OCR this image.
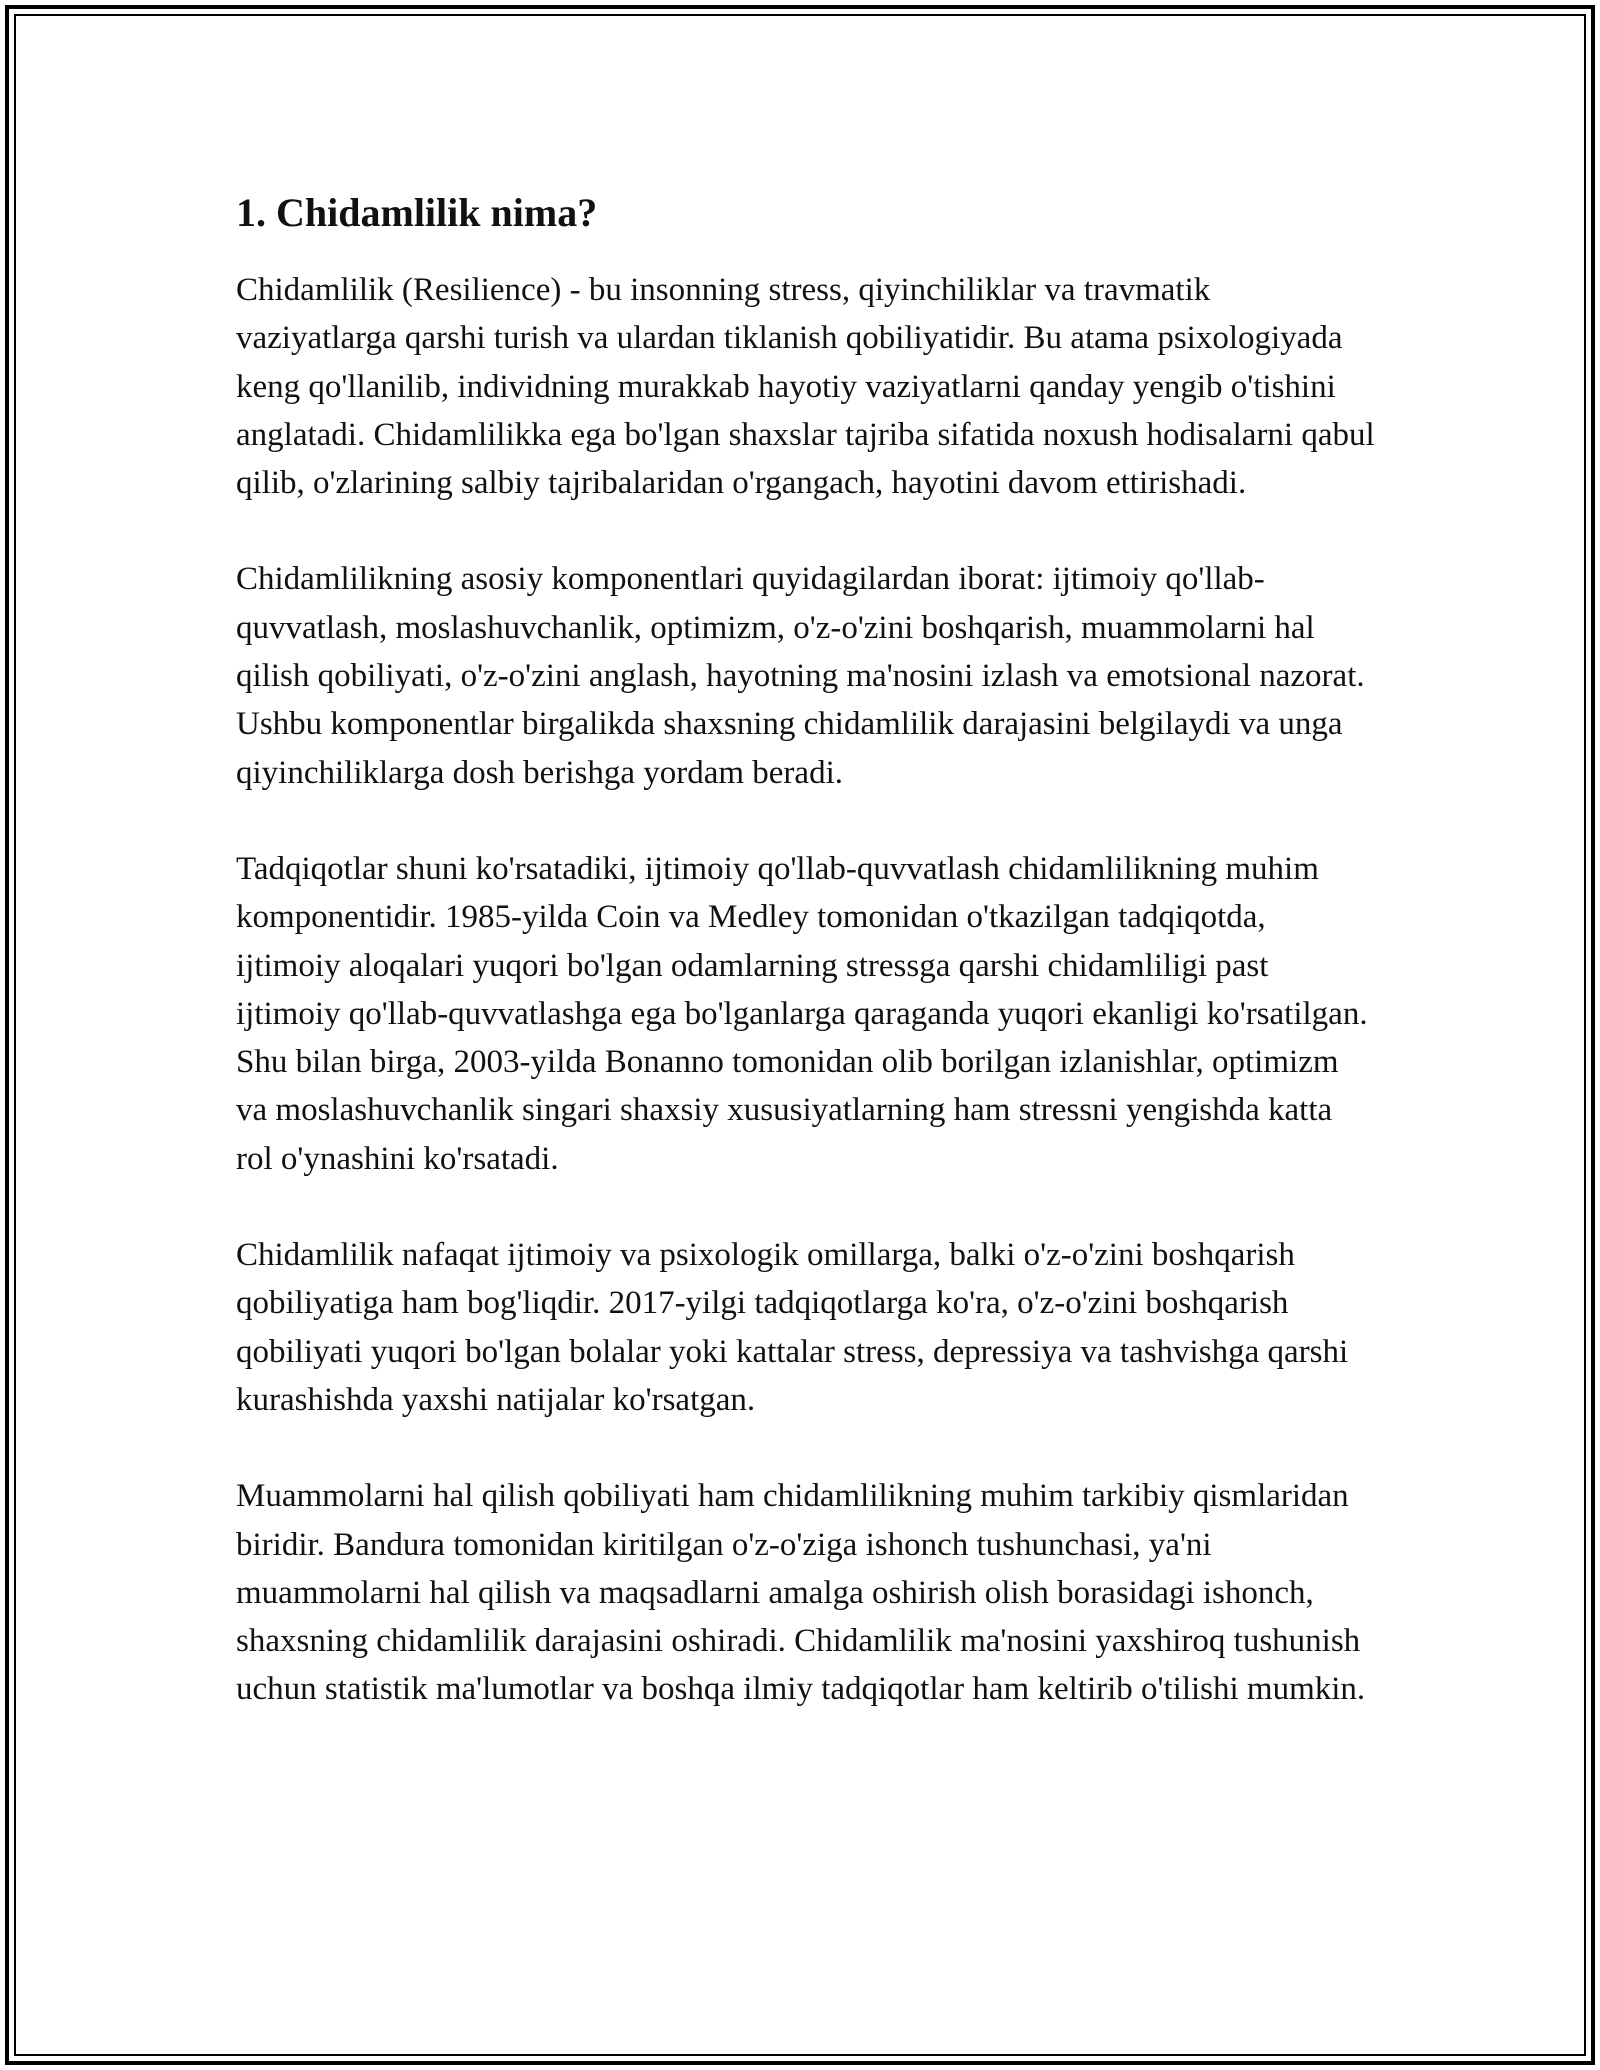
1. Chidamlilik nima?

Chidamlilik (Resilience) - bu insonning stress, qiyinchiliklar va travmatik vaziyatlarga qarshi turish va ulardan tiklanish qobiliyatidir. Bu atama psixologiyada keng qo'llanilib, individning murakkab hayotiy vaziyatlarni qanday yengib o'tishini anglatadi. Chidamlilikka ega bo'lgan shaxslar tajriba sifatida noxush hodisalarni qabul qilib, o'zlarining salbiy tajribalaridan o'rgangach, hayotini davom ettirishadi.

Chidamlilikning asosiy komponentlari quyidagilardan iborat: ijtimoiy qo'llab-quvvatlash, moslashuvchanlik, optimizm, o'z-o'zini boshqarish, muammolarni hal qilish qobiliyati, o'z-o'zini anglash, hayotning ma'nosini izlash va emotsional nazorat. Ushbu komponentlar birgalikda shaxsning chidamlilik darajasini belgilaydi va unga qiyinchiliklarga dosh berishga yordam beradi.

Tadqiqotlar shuni ko'rsatadiki, ijtimoiy qo'llab-quvvatlash chidamlilikning muhim komponentidir. 1985-yilda Coin va Medley tomonidan o'tkazilgan tadqiqotda, ijtimoiy aloqalari yuqori bo'lgan odamlarning stressga qarshi chidamliligi past ijtimoiy qo'llab-quvvatlashga ega bo'lganlarga qaraganda yuqori ekanligi ko'rsatilgan. Shu bilan birga, 2003-yilda Bonanno tomonidan olib borilgan izlanishlar, optimizm va moslashuvchanlik singari shaxsiy xususiyatlarning ham stressni yengishda katta rol o'ynashini ko'rsatadi.

Chidamlilik nafaqat ijtimoiy va psixologik omillarga, balki o'z-o'zini boshqarish qobiliyatiga ham bog'liqdir. 2017-yilgi tadqiqotlarga ko'ra, o'z-o'zini boshqarish qobiliyati yuqori bo'lgan bolalar yoki kattalar stress, depressiya va tashvishga qarshi kurashishda yaxshi natijalar ko'rsatgan.

Muammolarni hal qilish qobiliyati ham chidamlilikning muhim tarkibiy qismlaridan biridir. Bandura tomonidan kiritilgan o'z-o'ziga ishonch tushunchasi, ya'ni muammolarni hal qilish va maqsadlarni amalga oshirish olish borasidagi ishonch, shaxsning chidamlilik darajasini oshiradi. Chidamlilik ma'nosini yaxshiroq tushunish uchun statistik ma'lumotlar va boshqa ilmiy tadqiqotlar ham keltirib o'tilishi mumkin.
